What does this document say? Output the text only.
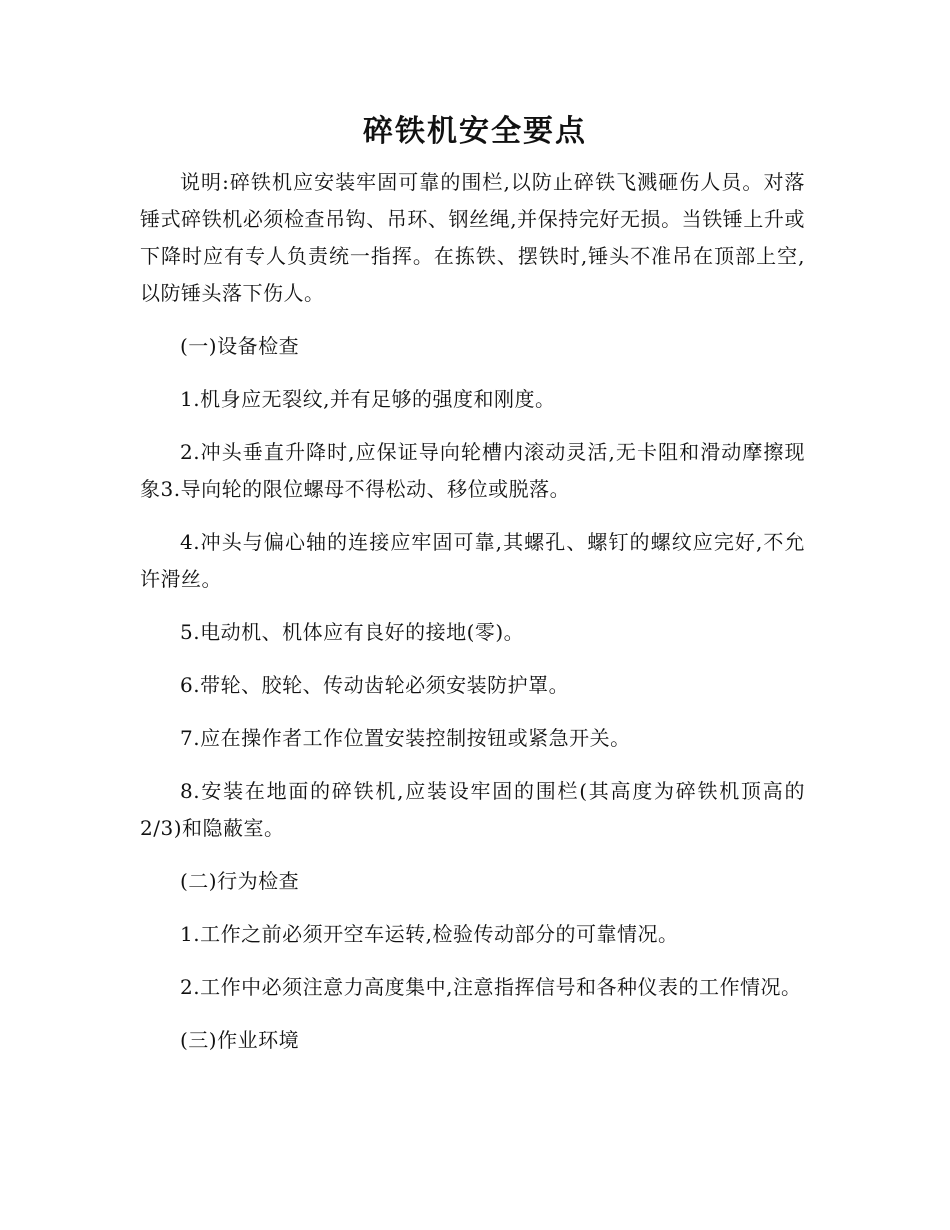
碎铁机安全要点

说明:碎铁机应安装牢固可靠的围栏,以防止碎铁飞溅砸伤人员。对落锤式碎铁机必须检查吊钩、吊环、钢丝绳,并保持完好无损。当铁锤上升或下降时应有专人负责统一指挥。在拣铁、摆铁时,锤头不准吊在顶部上空,以防锤头落下伤人。

(一)设备检查

1.机身应无裂纹,并有足够的强度和刚度。

2.冲头垂直升降时,应保证导向轮槽内滚动灵活,无卡阻和滑动摩擦现象3.导向轮的限位螺母不得松动、移位或脱落。

4.冲头与偏心轴的连接应牢固可靠,其螺孔、螺钉的螺纹应完好,不允许滑丝。

5.电动机、机体应有良好的接地(零)。

6.带轮、胶轮、传动齿轮必须安装防护罩。

7.应在操作者工作位置安装控制按钮或紧急开关。

8.安装在地面的碎铁机,应装设牢固的围栏(其高度为碎铁机顶高的2/3)和隐蔽室。

(二)行为检查

1.工作之前必须开空车运转,检验传动部分的可靠情况。

2.工作中必须注意力高度集中,注意指挥信号和各种仪表的工作情况。

(三)作业环境
